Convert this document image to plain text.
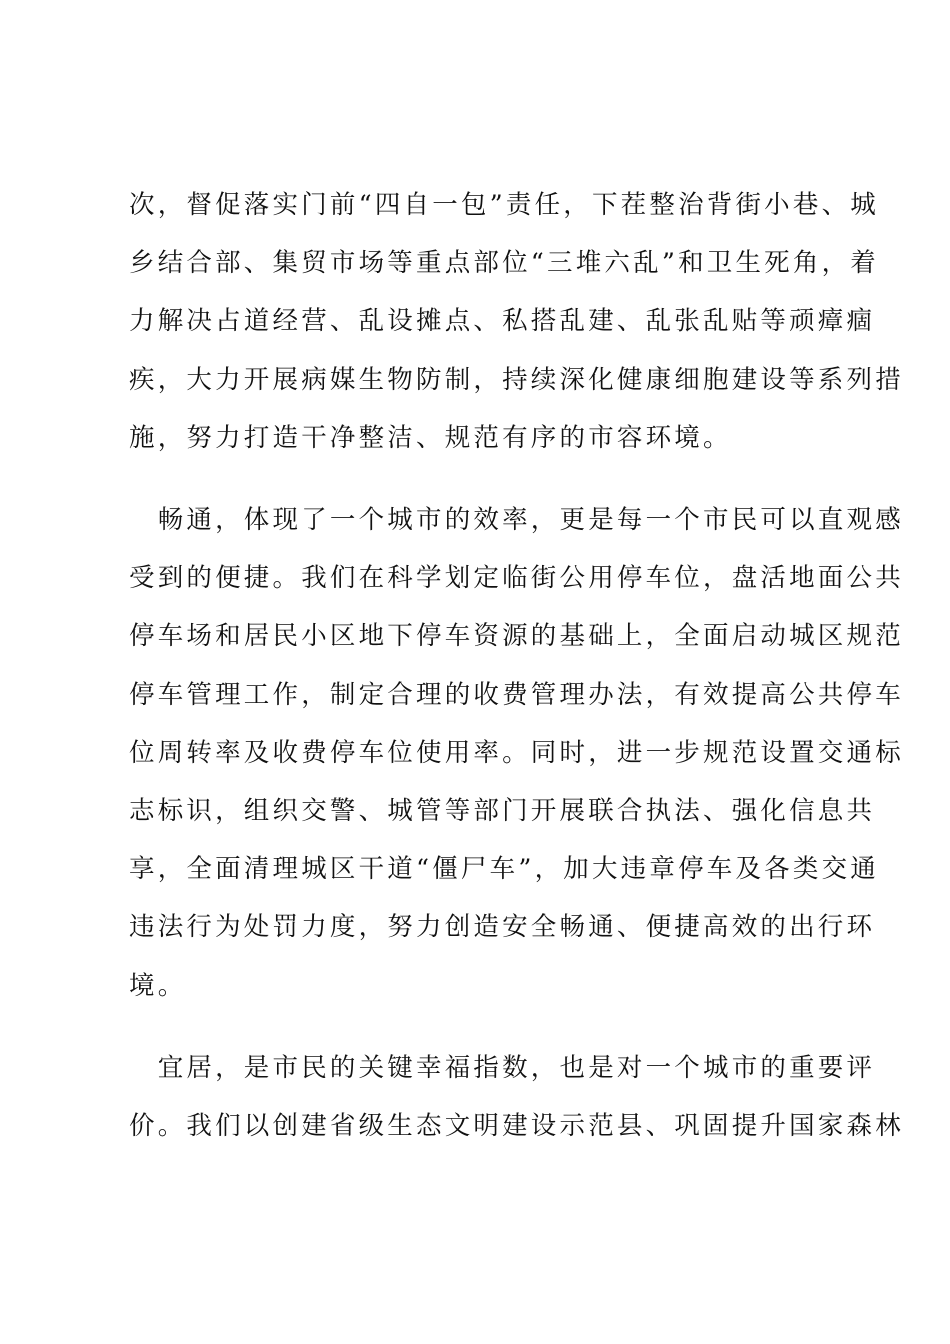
次，督促落实门前“四自一包”责任，下茬整治背街小巷、城
乡结合部、集贸市场等重点部位“三堆六乱”和卫生死角，着
力解决占道经营、乱设摊点、私搭乱建、乱张乱贴等顽瘴痼
疾，大力开展病媒生物防制，持续深化健康细胞建设等系列措
施，努力打造干净整洁、规范有序的市容环境。

　畅通，体现了一个城市的效率，更是每一个市民可以直观感
受到的便捷。我们在科学划定临街公用停车位，盘活地面公共
停车场和居民小区地下停车资源的基础上，全面启动城区规范
停车管理工作，制定合理的收费管理办法，有效提高公共停车
位周转率及收费停车位使用率。同时，进一步规范设置交通标
志标识，组织交警、城管等部门开展联合执法、强化信息共
享，全面清理城区干道“僵尸车”，加大违章停车及各类交通
违法行为处罚力度，努力创造安全畅通、便捷高效的出行环
境。

　宜居，是市民的关键幸福指数，也是对一个城市的重要评
价。我们以创建省级生态文明建设示范县、巩固提升国家森林
